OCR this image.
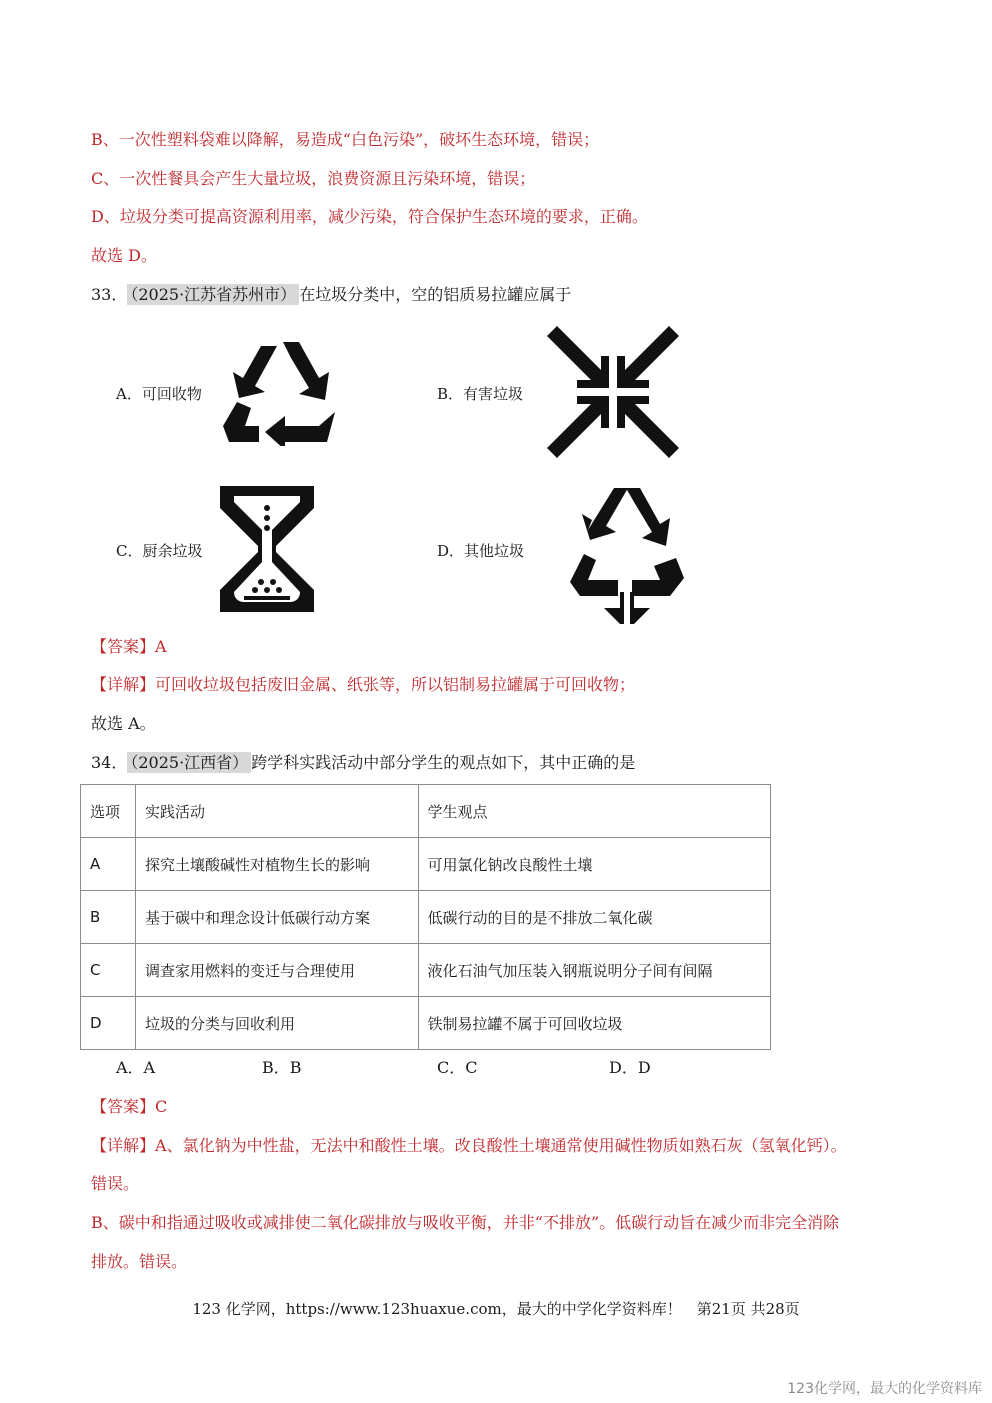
B、一次性塑料袋难以降解，易造成“白色污染”，破坏生态环境，错误；
C、一次性餐具会产生大量垃圾，浪费资源且污染环境，错误；
D、垃圾分类可提高资源利用率，减少污染，符合保护生态环境的要求，正确。
故选 D。
33． （2025·江苏省苏州市） 在垃圾分类中，空的铝质易拉罐应属于
A．可回收物	B．有害垃圾
C．厨余垃圾	D．其他垃圾
【答案】A
【详解】可回收垃圾包括废旧金属、纸张等，所以铝制易拉罐属于可回收物；
故选 A。
34． （2025·江西省） 跨学科实践活动中部分学生的观点如下，其中正确的是
选项	实践活动	学生观点
A	探究土壤酸碱性对植物生长的影响	可用氯化钠改良酸性土壤
B	基于碳中和理念设计低碳行动方案	低碳行动的目的是不排放二氧化碳
C	调查家用燃料的变迁与合理使用	液化石油气加压装入钢瓶说明分子间有间隔
D	垃圾的分类与回收利用	铁制易拉罐不属于可回收垃圾
A．A	B．B	C．C	D．D
【答案】C
【详解】A、氯化钠为中性盐，无法中和酸性土壤。改良酸性土壤通常使用碱性物质如熟石灰（氢氧化钙）。
错误。
B、碳中和指通过吸收或减排使二氧化碳排放与吸收平衡，并非“不排放”。低碳行动旨在减少而非完全消除
排放。错误。
123 化学网，https://www.123huaxue.com，最大的中学化学资料库！　第21页 共28页
123化学网，最大的化学资料库
